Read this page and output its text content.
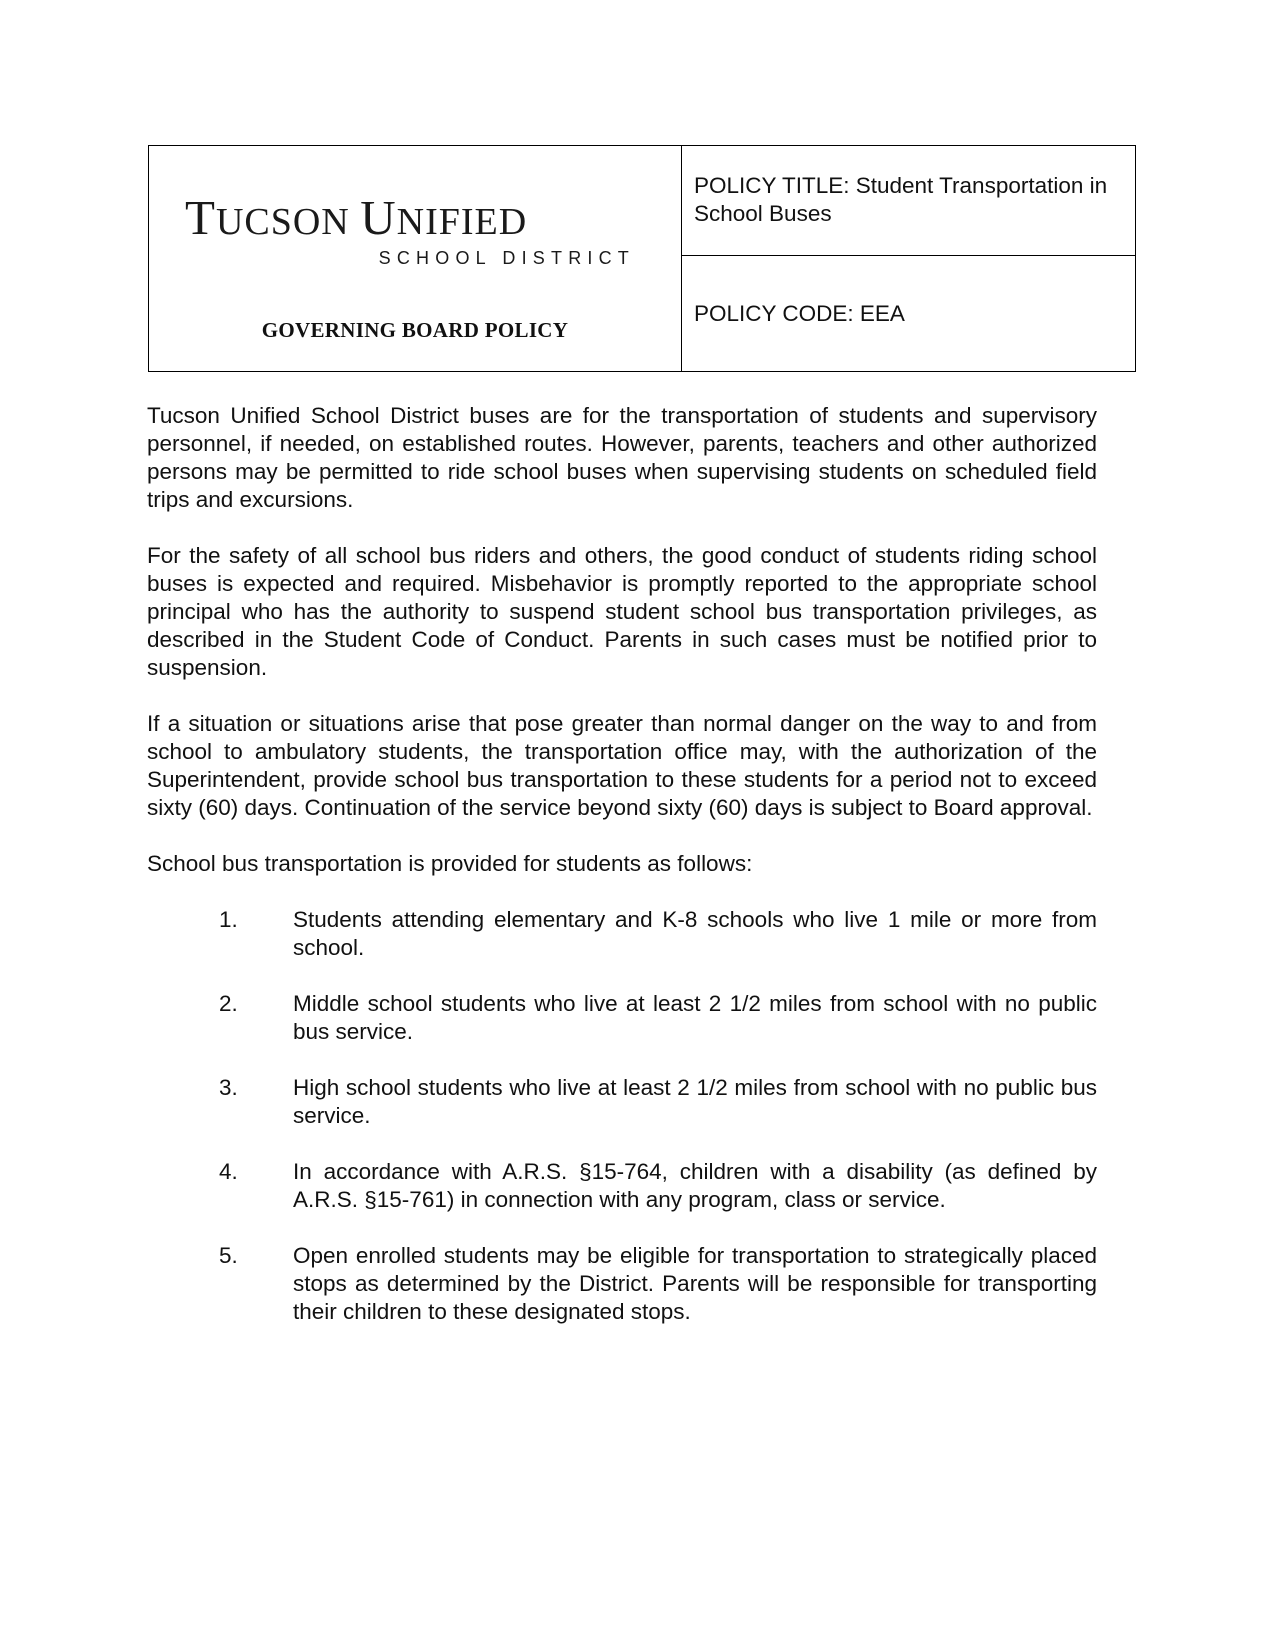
TUCSON UNIFIED
SCHOOL DISTRICT
GOVERNING BOARD POLICY
POLICY TITLE: Student Transportation in School Buses
POLICY CODE: EEA

Tucson Unified School District buses are for the transportation of students and supervisory personnel, if needed, on established routes. However, parents, teachers and other authorized persons may be permitted to ride school buses when supervising students on scheduled field trips and excursions.

For the safety of all school bus riders and others, the good conduct of students riding school buses is expected and required. Misbehavior is promptly reported to the appropriate school principal who has the authority to suspend student school bus transportation privileges, as described in the Student Code of Conduct. Parents in such cases must be notified prior to suspension.

If a situation or situations arise that pose greater than normal danger on the way to and from school to ambulatory students, the transportation office may, with the authorization of the Superintendent, provide school bus transportation to these students for a period not to exceed sixty (60) days. Continuation of the service beyond sixty (60) days is subject to Board approval.

School bus transportation is provided for students as follows:

1.	Students attending elementary and K-8 schools who live 1 mile or more from school.
2.	Middle school students who live at least 2 1/2 miles from school with no public bus service.
3.	High school students who live at least 2 1/2 miles from school with no public bus service.
4.	In accordance with A.R.S. §15-764, children with a disability (as defined by A.R.S. §15-761) in connection with any program, class or service.
5.	Open enrolled students may be eligible for transportation to strategically placed stops as determined by the District. Parents will be responsible for transporting their children to these designated stops.
